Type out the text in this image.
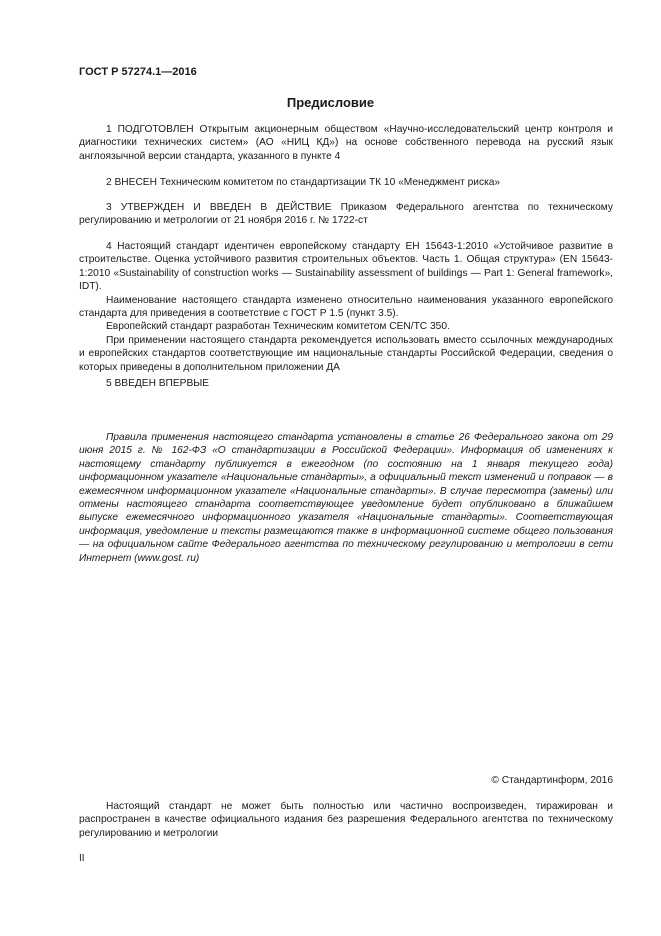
ГОСТ Р 57274.1—2016
Предисловие

1 ПОДГОТОВЛЕН Открытым акционерным обществом «Научно-исследовательский центр контроля и диагностики технических систем» (АО «НИЦ КД») на основе собственного перевода на русский язык англоязычной версии стандарта, указанного в пункте 4

2 ВНЕСЕН Техническим комитетом по стандартизации ТК 10 «Менеджмент риска»

3 УТВЕРЖДЕН И ВВЕДЕН В ДЕЙСТВИЕ Приказом Федерального агентства по техническому регулированию и метрологии от 21 ноября 2016 г. № 1722-ст

4 Настоящий стандарт идентичен европейскому стандарту ЕН 15643-1:2010 «Устойчивое развитие в строительстве. Оценка устойчивого развития строительных объектов. Часть 1. Общая структура» (EN 15643-1:2010 «Sustainability of construction works — Sustainability assessment of buildings — Part 1: General framework», IDT).

Наименование настоящего стандарта изменено относительно наименования указанного европейского стандарта для приведения в соответствие с ГОСТ Р 1.5 (пункт 3.5).

Европейский стандарт разработан Техническим комитетом CEN/TC 350.

При применении настоящего стандарта рекомендуется использовать вместо ссылочных международных и европейских стандартов соответствующие им национальные стандарты Российской Федерации, сведения о которых приведены в дополнительном приложении ДА

5 ВВЕДЕН ВПЕРВЫЕ

Правила применения настоящего стандарта установлены в статье 26 Федерального закона от 29 июня 2015 г. № 162-ФЗ «О стандартизации в Российской Федерации». Информация об изменениях к настоящему стандарту публикуется в ежегодном (по состоянию на 1 января текущего года) информационном указателе «Национальные стандарты», а официальный текст изменений и поправок — в ежемесячном информационном указателе «Национальные стандарты». В случае пересмотра (замены) или отмены настоящего стандарта соответствующее уведомление будет опубликовано в ближайшем выпуске ежемесячного информационного указателя «Национальные стандарты». Соответствующая информация, уведомление и тексты размещаются также в информационной системе общего пользования — на официальном сайте Федерального агентства по техническому регулированию и метрологии в сети Интернет (www.gost. ru)

© Стандартинформ, 2016

Настоящий стандарт не может быть полностью или частично воспроизведен, тиражирован и распространен в качестве официального издания без разрешения Федерального агентства по техническому регулированию и метрологии

II
